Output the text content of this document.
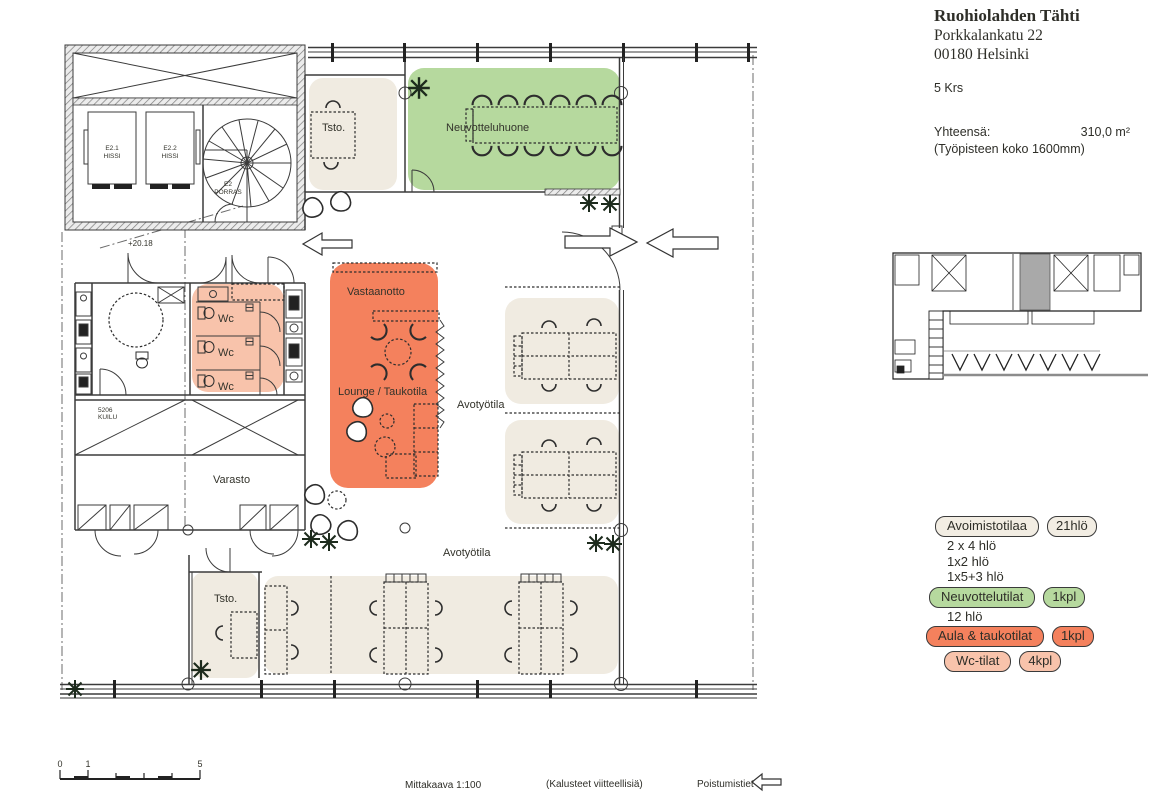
E2.1
HISSI
E2.2
HISSI
E2
PORRAS
Tsto.	Neuvotteluhuone
Vastaanotto
Lounge / Taukotila
Avotyötila
Avotyötila
Varasto
Tsto.
Wc
Wc
Wc
+20.18
5206
KUILU
0	1	5
Ruohiolahden Tähti
Porkkalankatu 22
00180 Helsinki
5 Krs
Yhteensä:	310,0 m²
(Työpisteen koko 1600mm)
Avoimistotilaa	21hlö
2 x 4 hlö
1x2 hlö
1x5+3 hlö
Neuvottelutilat	1kpl
12 hlö
Aula & taukotilat	1kpl
Wc-tilat	4kpl
Mittakaava 1:100	(Kalusteet viitteellisiä)	Poistumistiet
